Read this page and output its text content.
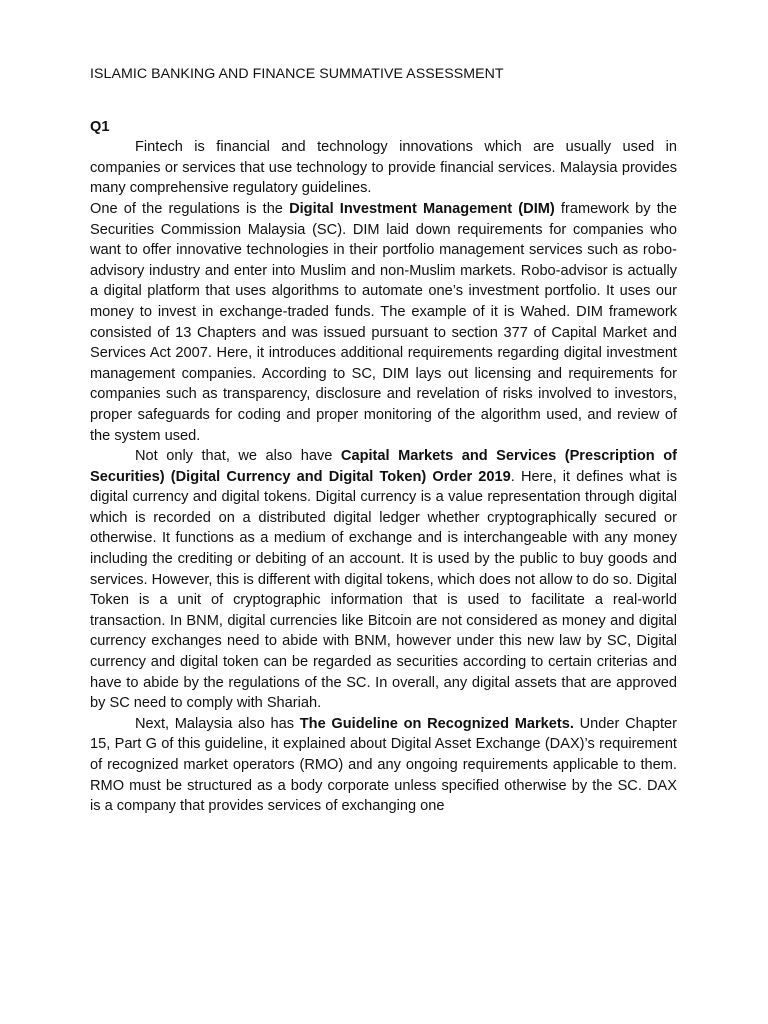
ISLAMIC BANKING AND FINANCE SUMMATIVE ASSESSMENT
Q1

Fintech is financial and technology innovations which are usually used in companies or services that use technology to provide financial services. Malaysia provides many comprehensive regulatory guidelines.

One of the regulations is the Digital Investment Management (DIM) framework by the Securities Commission Malaysia (SC). DIM laid down requirements for companies who want to offer innovative technologies in their portfolio management services such as robo-advisory industry and enter into Muslim and non-Muslim markets. Robo-advisor is actually a digital platform that uses algorithms to automate one’s investment portfolio. It uses our money to invest in exchange-traded funds. The example of it is Wahed. DIM framework consisted of 13 Chapters and was issued pursuant to section 377 of Capital Market and Services Act 2007. Here, it introduces additional requirements regarding digital investment management companies. According to SC, DIM lays out licensing and requirements for companies such as transparency, disclosure and revelation of risks involved to investors, proper safeguards for coding and proper monitoring of the algorithm used, and review of the system used.

Not only that, we also have Capital Markets and Services (Prescription of Securities) (Digital Currency and Digital Token) Order 2019. Here, it defines what is digital currency and digital tokens. Digital currency is a value representation through digital which is recorded on a distributed digital ledger whether cryptographically secured or otherwise. It functions as a medium of exchange and is interchangeable with any money including the crediting or debiting of an account. It is used by the public to buy goods and services. However, this is different with digital tokens, which does not allow to do so. Digital Token is a unit of cryptographic information that is used to facilitate a real-world transaction. In BNM, digital currencies like Bitcoin are not considered as money and digital currency exchanges need to abide with BNM, however under this new law by SC, Digital currency and digital token can be regarded as securities according to certain criterias and have to abide by the regulations of the SC. In overall, any digital assets that are approved by SC need to comply with Shariah.

Next, Malaysia also has The Guideline on Recognized Markets. Under Chapter 15, Part G of this guideline, it explained about Digital Asset Exchange (DAX)’s requirement of recognized market operators (RMO) and any ongoing requirements applicable to them. RMO must be structured as a body corporate unless specified otherwise by the SC. DAX is a company that provides services of exchanging one
